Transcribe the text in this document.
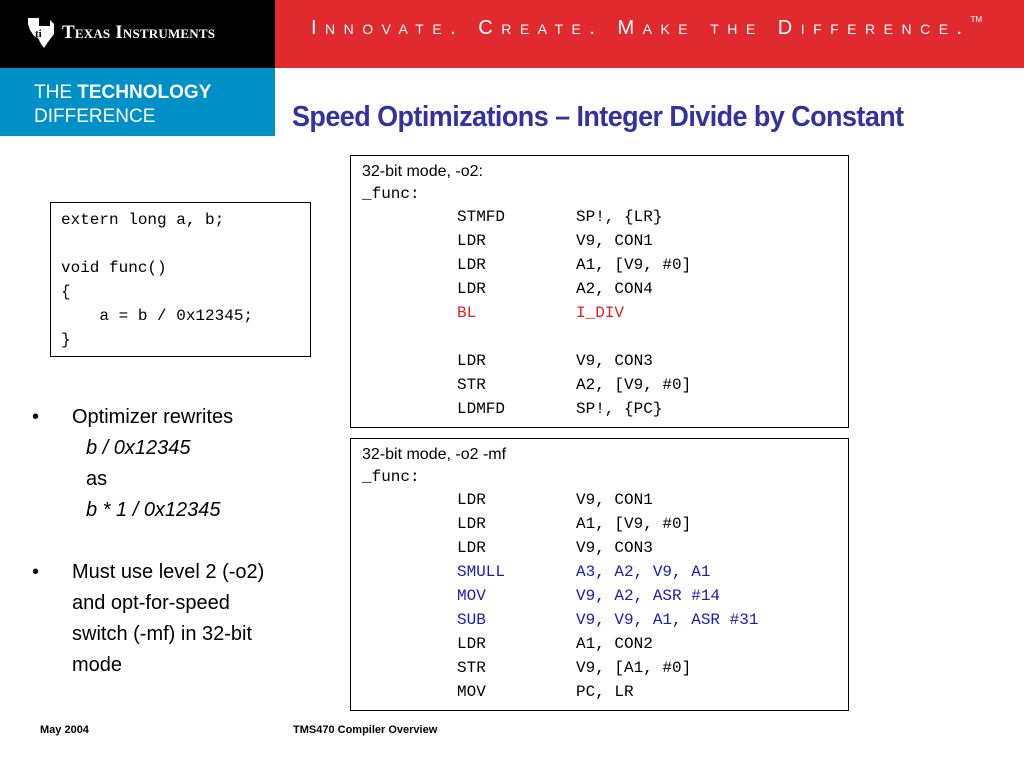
ti Texas Instruments	Innovate. Create. Make the Difference.™
THE TECHNOLOGY
DIFFERENCE	Speed Optimizations – Integer Divide by Constant
extern long a, b;

void func()
{
a = b / 0x12345;
}
32-bit mode, -o2:
_func:
STMFD	SP!, {LR}
LDR	V9, CON1
LDR	A1, [V9, #0]
LDR	A2, CON4
BL	I_DIV

LDR	V9, CON3
STR	A2, [V9, #0]
LDMFD	SP!, {PC}
32-bit mode, -o2 -mf
_func:
LDR	V9, CON1
LDR	A1, [V9, #0]
LDR	V9, CON3
SMULL	A3, A2, V9, A1
MOV	V9, A2, ASR #14
SUB	V9, V9, A1, ASR #31
LDR	A1, CON2
STR	V9, [A1, #0]
MOV	PC, LR
• Optimizer rewrites
b / 0x12345
as
b * 1 / 0x12345
• Must use level 2 (-o2)
and opt-for-speed
switch (-mf) in 32-bit
mode
May 2004	TMS470 Compiler Overview
